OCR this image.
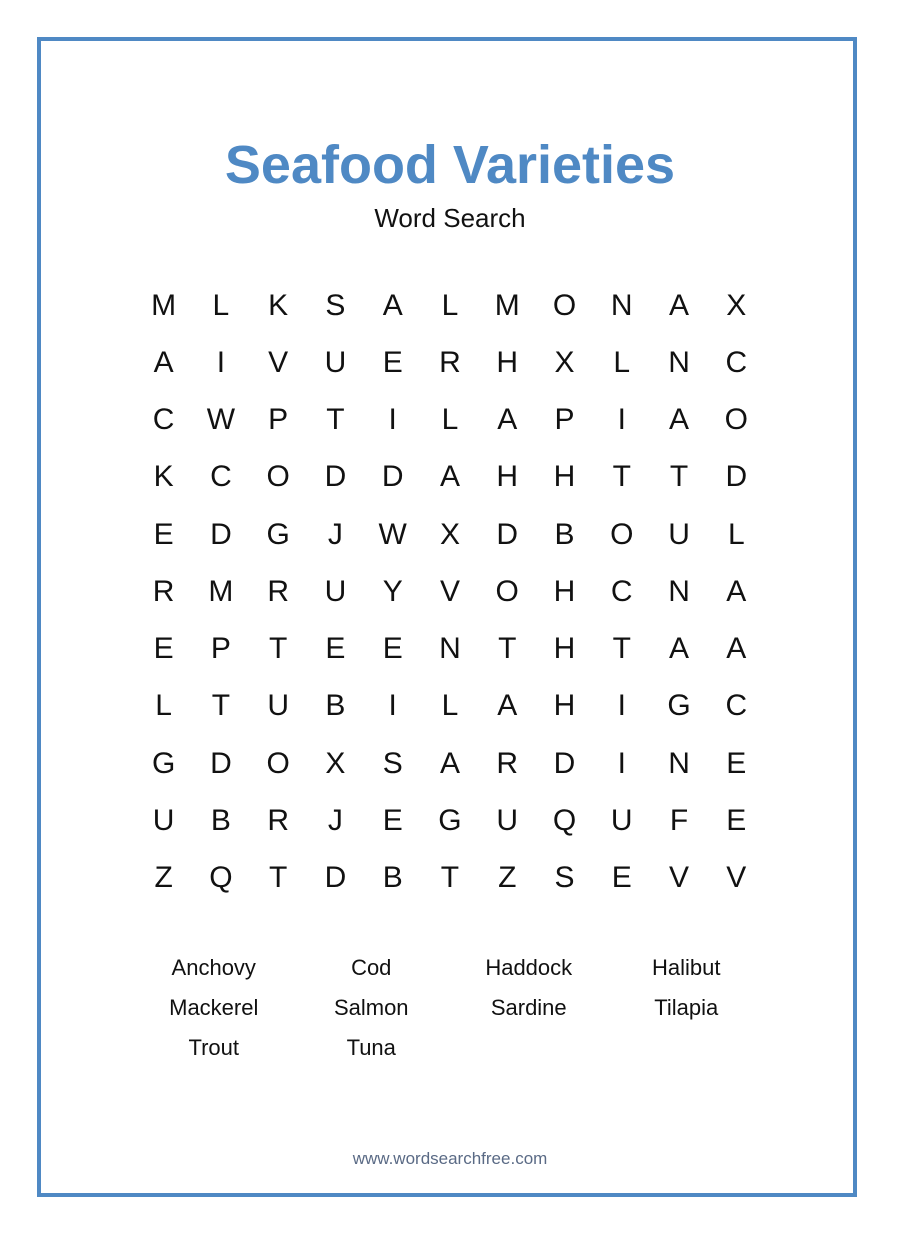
Seafood Varieties
Word Search
M	L	K	S	A	L	M	O	N	A	X
A	I	V	U	E	R	H	X	L	N	C
C	W	P	T	I	L	A	P	I	A	O
K	C	O	D	D	A	H	H	T	T	D
E	D	G	J	W	X	D	B	O	U	L
R	M	R	U	Y	V	O	H	C	N	A
E	P	T	E	E	N	T	H	T	A	A
L	T	U	B	I	L	A	H	I	G	C
G	D	O	X	S	A	R	D	I	N	E
U	B	R	J	E	G	U	Q	U	F	E
Z	Q	T	D	B	T	Z	S	E	V	V
Anchovy	Cod	Haddock	Halibut
Mackerel	Salmon	Sardine	Tilapia
Trout	Tuna
www.wordsearchfree.com
